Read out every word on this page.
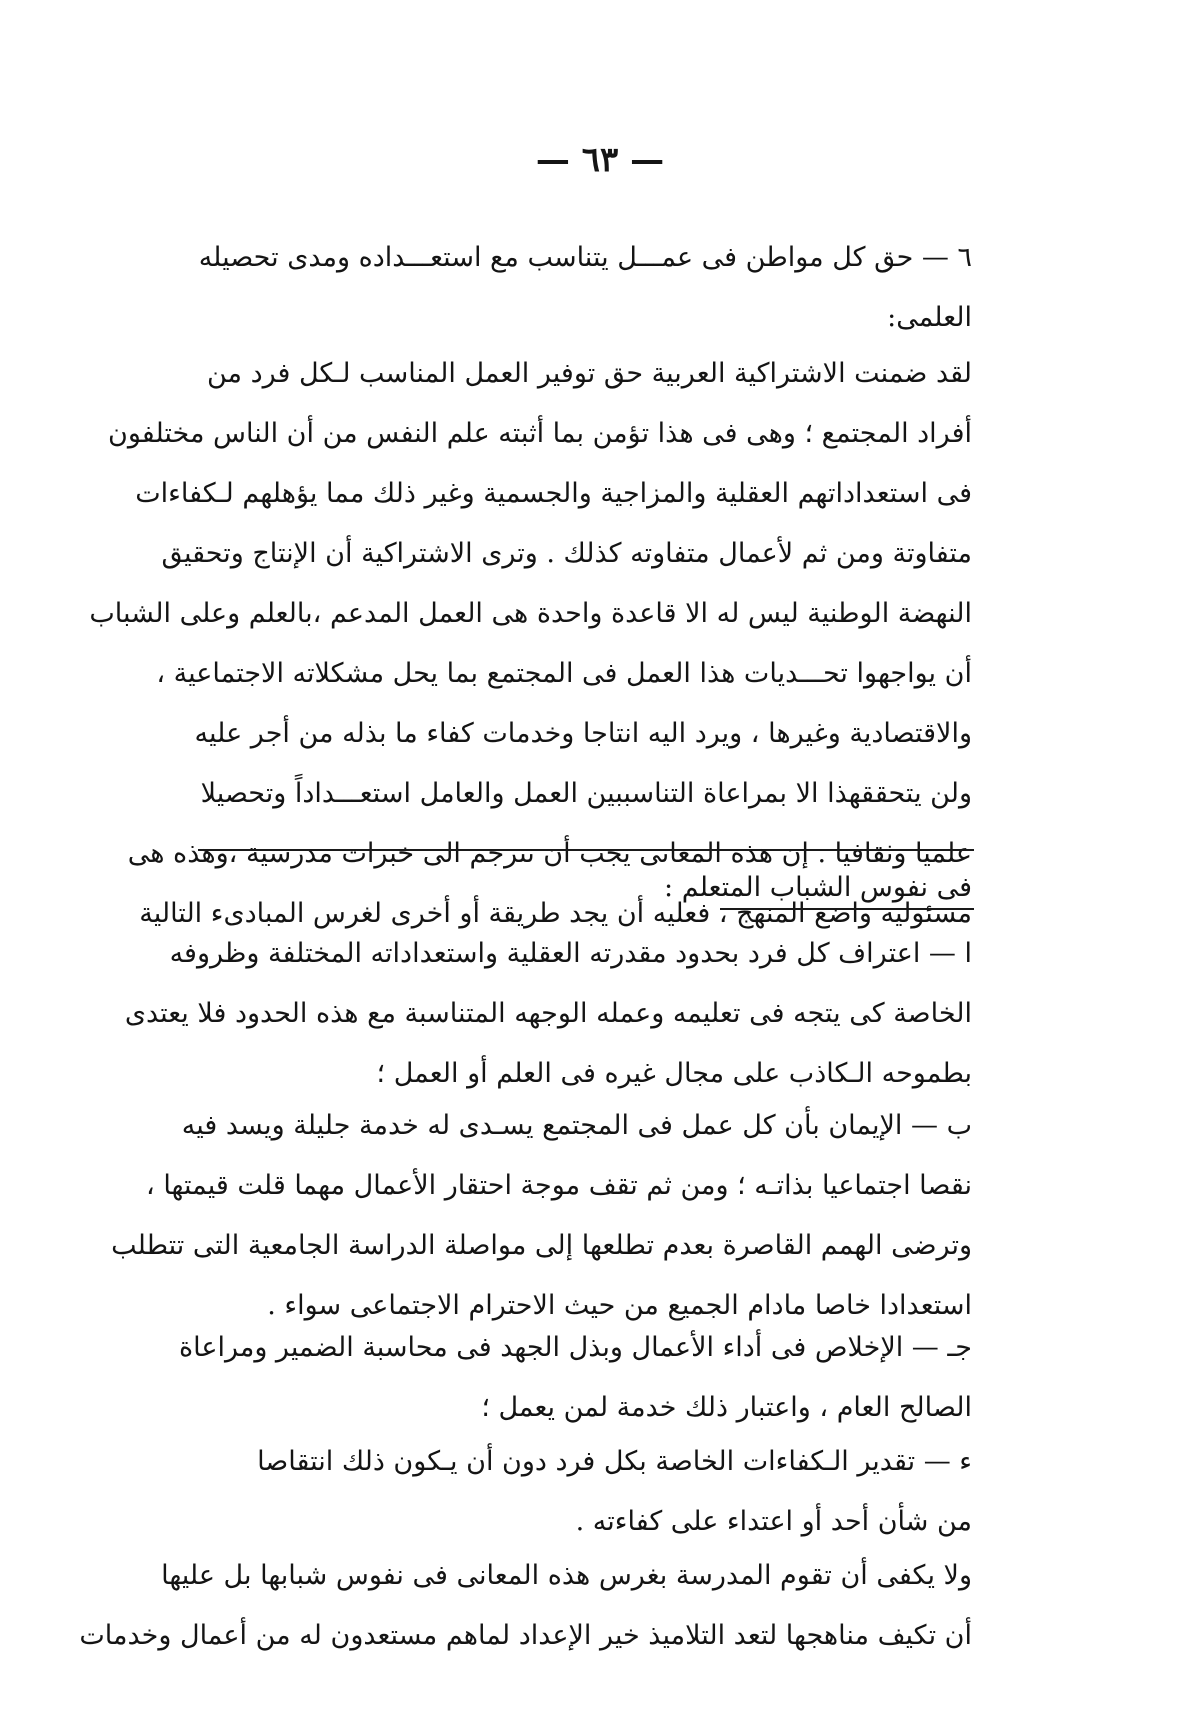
— ٦٣ —
٦ — حق كل مواطن فى عمـــل يتناسب مع استعـــداده ومدى تحصيله
العلمى:
لقد ضمنت الاشتراكية العربية حق توفير العمل المناسب لـكل فرد من
أفراد المجتمع ؛ وهى فى هذا تؤمن بما أثبته علم النفس من أن الناس مختلفون
فى استعداداتهم العقلية والمزاجية والجسمية وغير ذلك مما يؤهلهم لـكفاءات
متفاوتة ومن ثم لأعمال متفاوته كذلك . وترى الاشتراكية أن الإنتاج وتحقيق
النهضة الوطنية ليس له الا قاعدة واحدة هى العمل المدعم ،بالعلم وعلى الشباب
أن يواجهوا تحـــديات هذا العمل فى المجتمع بما يحل مشكلاته الاجتماعية ،
والاقتصادية وغيرها ، ويرد اليه انتاجا وخدمات كفاء ما بذله من أجر عليه
ولن يتحققهذا الا بمراعاة التناسببين العمل والعامل استعـــداداً وتحصيلا
علميا وثقافيا . إن هذه المعانى يجب أن تترجم الى خبرات مدرسية ،وهذه هى
مسئولية واضع المنهج ، فعليه أن يجد طريقة أو أخرى لغرس المبادىء التالية
فى نفوس الشباب المتعلم :
ا — اعتراف كل فرد بحدود مقدرته العقلية واستعداداته المختلفة وظروفه
الخاصة كى يتجه فى تعليمه وعمله الوجهه المتناسبة مع هذه الحدود فلا يعتدى
بطموحه الـكاذب على مجال غيره فى العلم أو العمل ؛
ب — الإيمان بأن كل عمل فى المجتمع يسـدى له خدمة جليلة ويسد فيه
نقصا اجتماعيا بذاتـه ؛ ومن ثم تقف موجة احتقار الأعمال مهما قلت قيمتها ،
وترضى الهمم القاصرة بعدم تطلعها إلى مواصلة الدراسة الجامعية التى تتطلب
استعدادا خاصا مادام الجميع من حيث الاحترام الاجتماعى سواء .
جـ — الإخلاص فى أداء الأعمال وبذل الجهد فى محاسبة الضمير ومراعاة
الصالح العام ، واعتبار ذلك خدمة لمن يعمل ؛
ء — تقدير الـكفاءات الخاصة بكل فرد دون أن يـكون ذلك انتقاصا
من شأن أحد أو اعتداء على كفاءته .
ولا يكفى أن تقوم المدرسة بغرس هذه المعانى فى نفوس شبابها بل عليها
أن تكيف مناهجها لتعد التلاميذ خير الإعداد لماهم مستعدون له من أعمال وخدمات
